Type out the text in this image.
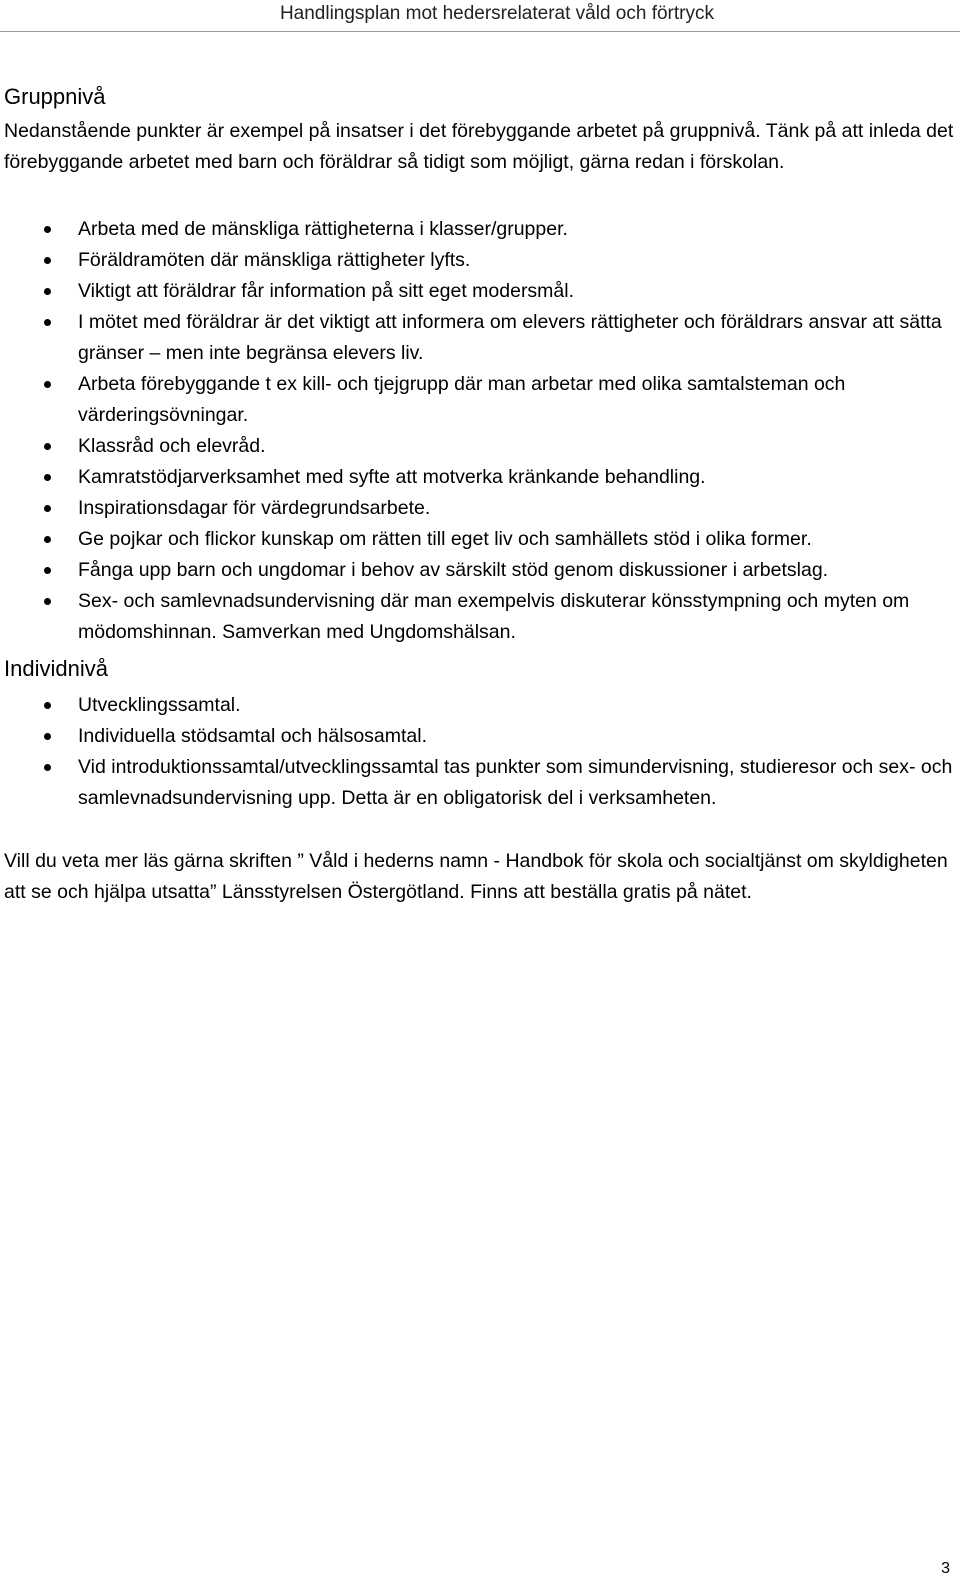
Handlingsplan mot hedersrelaterat våld och förtryck
Gruppnivå

Nedanstående punkter är exempel på insatser i det förebyggande arbetet på gruppnivå. Tänk på att inleda det förebyggande arbetet med barn och föräldrar så tidigt som möjligt, gärna redan i förskolan.

Arbeta med de mänskliga rättigheterna i klasser/grupper.
Föräldramöten där mänskliga rättigheter lyfts.
Viktigt att föräldrar får information på sitt eget modersmål.
I mötet med föräldrar är det viktigt att informera om elevers rättigheter och föräldrars ansvar att sätta gränser – men inte begränsa elevers liv.
Arbeta förebyggande t ex kill- och tjejgrupp där man arbetar med olika samtalsteman och värderingsövningar.
Klassråd och elevråd.
Kamratstödjarverksamhet med syfte att motverka kränkande behandling.
Inspirationsdagar för värdegrundsarbete.
Ge pojkar och flickor kunskap om rätten till eget liv och samhällets stöd i olika former.
Fånga upp barn och ungdomar i behov av särskilt stöd genom diskussioner i arbetslag.
Sex- och samlevnadsundervisning där man exempelvis diskuterar könsstympning och myten om mödomshinnan. Samverkan med Ungdomshälsan.
Individnivå
Utvecklingssamtal.
Individuella stödsamtal och hälsosamtal.
Vid introduktionssamtal/utvecklingssamtal tas punkter som simundervisning, studieresor och sex- och samlevnadsundervisning upp. Detta är en obligatorisk del i verksamheten.

Vill du veta mer läs gärna skriften ” Våld i hederns namn - Handbok för skola och socialtjänst om skyldigheten att se och hjälpa utsatta” Länsstyrelsen Östergötland. Finns att beställa gratis på nätet.

3
